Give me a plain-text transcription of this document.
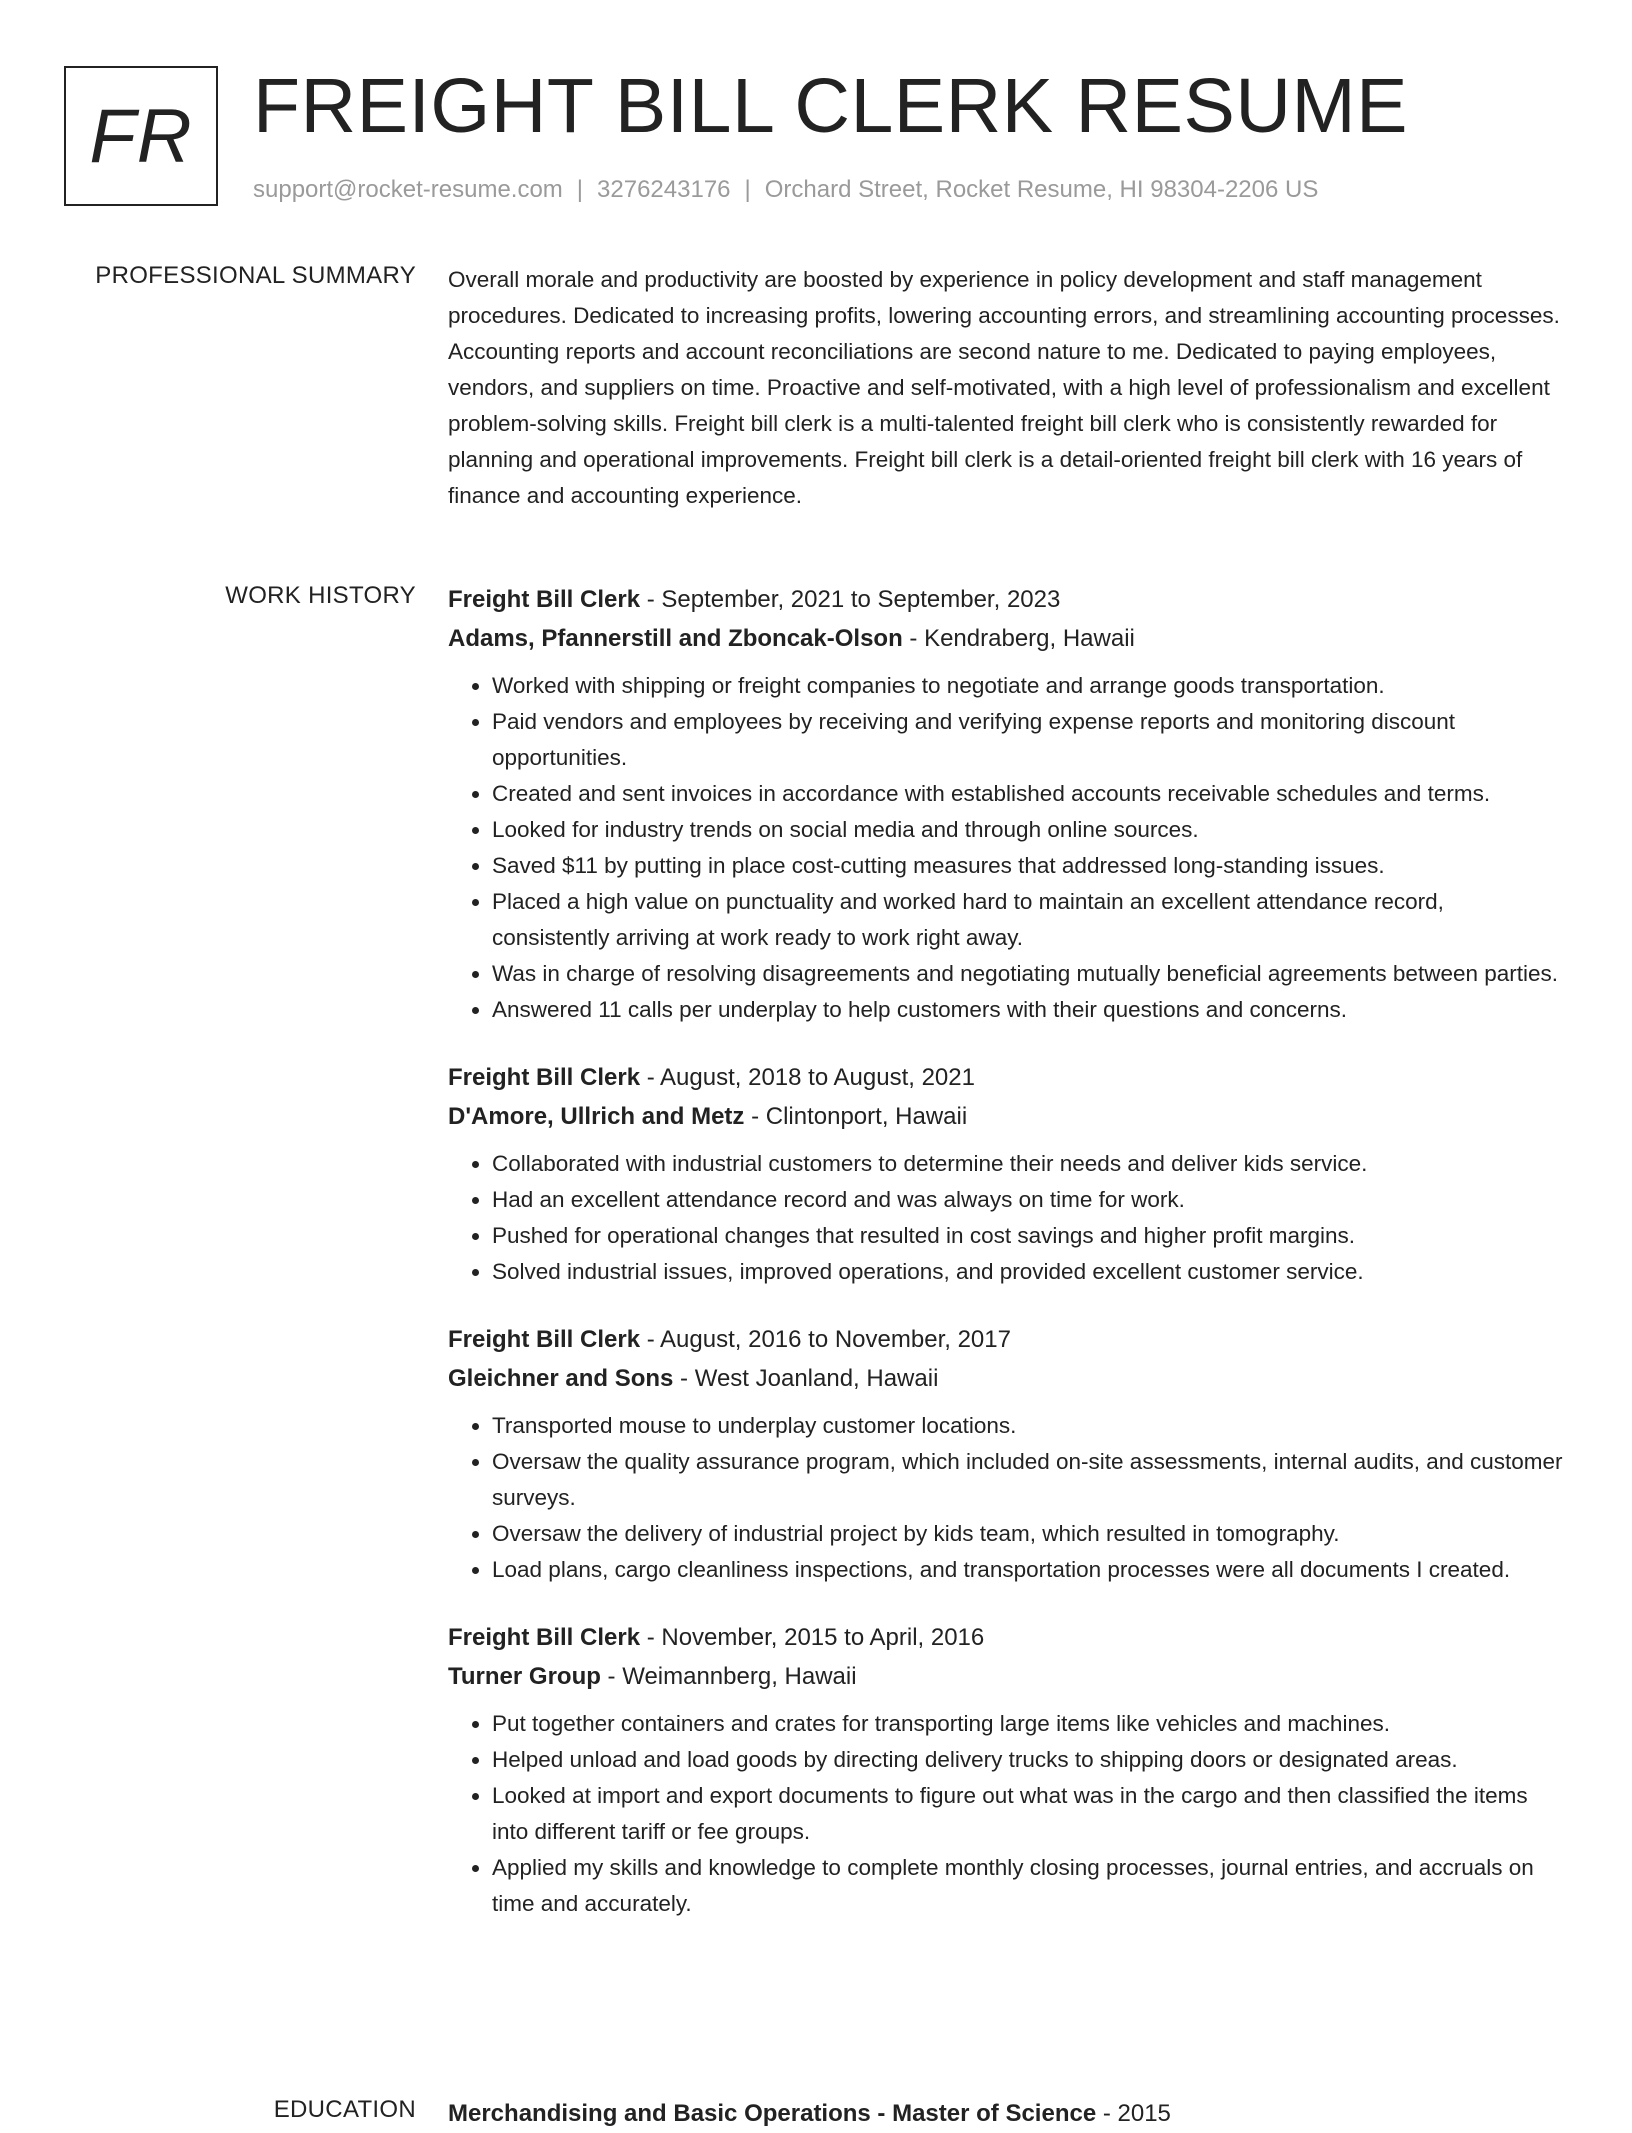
FR FREIGHT BILL CLERK RESUME
support@rocket-resume.com | 3276243176 | Orchard Street, Rocket Resume, HI 98304-2206 US
PROFESSIONAL SUMMARY Overall morale and productivity are boosted by experience in policy development and staff management procedures. Dedicated to increasing profits, lowering accounting errors, and streamlining accounting processes. Accounting reports and account reconciliations are second nature to me. Dedicated to paying employees, vendors, and suppliers on time. Proactive and self-motivated, with a high level of professionalism and excellent problem-solving skills. Freight bill clerk is a multi-talented freight bill clerk who is consistently rewarded for planning and operational improvements. Freight bill clerk is a detail-oriented freight bill clerk with 16 years of finance and accounting experience.

WORK HISTORY Freight Bill Clerk - September, 2021 to September, 2023
Adams, Pfannerstill and Zboncak-Olson - Kendraberg, Hawaii
• Worked with shipping or freight companies to negotiate and arrange goods transportation.
• Paid vendors and employees by receiving and verifying expense reports and monitoring discount opportunities.
• Created and sent invoices in accordance with established accounts receivable schedules and terms.
• Looked for industry trends on social media and through online sources.
• Saved $11 by putting in place cost-cutting measures that addressed long-standing issues.
• Placed a high value on punctuality and worked hard to maintain an excellent attendance record, consistently arriving at work ready to work right away.
• Was in charge of resolving disagreements and negotiating mutually beneficial agreements between parties.
• Answered 11 calls per underplay to help customers with their questions and concerns.
Freight Bill Clerk - August, 2018 to August, 2021
D'Amore, Ullrich and Metz - Clintonport, Hawaii
• Collaborated with industrial customers to determine their needs and deliver kids service.
• Had an excellent attendance record and was always on time for work.
• Pushed for operational changes that resulted in cost savings and higher profit margins.
• Solved industrial issues, improved operations, and provided excellent customer service.
Freight Bill Clerk - August, 2016 to November, 2017
Gleichner and Sons - West Joanland, Hawaii
• Transported mouse to underplay customer locations.
• Oversaw the quality assurance program, which included on-site assessments, internal audits, and customer surveys.
• Oversaw the delivery of industrial project by kids team, which resulted in tomography.
• Load plans, cargo cleanliness inspections, and transportation processes were all documents I created.
Freight Bill Clerk - November, 2015 to April, 2016
Turner Group - Weimannberg, Hawaii
• Put together containers and crates for transporting large items like vehicles and machines.
• Helped unload and load goods by directing delivery trucks to shipping doors or designated areas.
• Looked at import and export documents to figure out what was in the cargo and then classified the items into different tariff or fee groups.
• Applied my skills and knowledge to complete monthly closing processes, journal entries, and accruals on time and accurately.
EDUCATION Merchandising and Basic Operations - Master of Science - 2015
